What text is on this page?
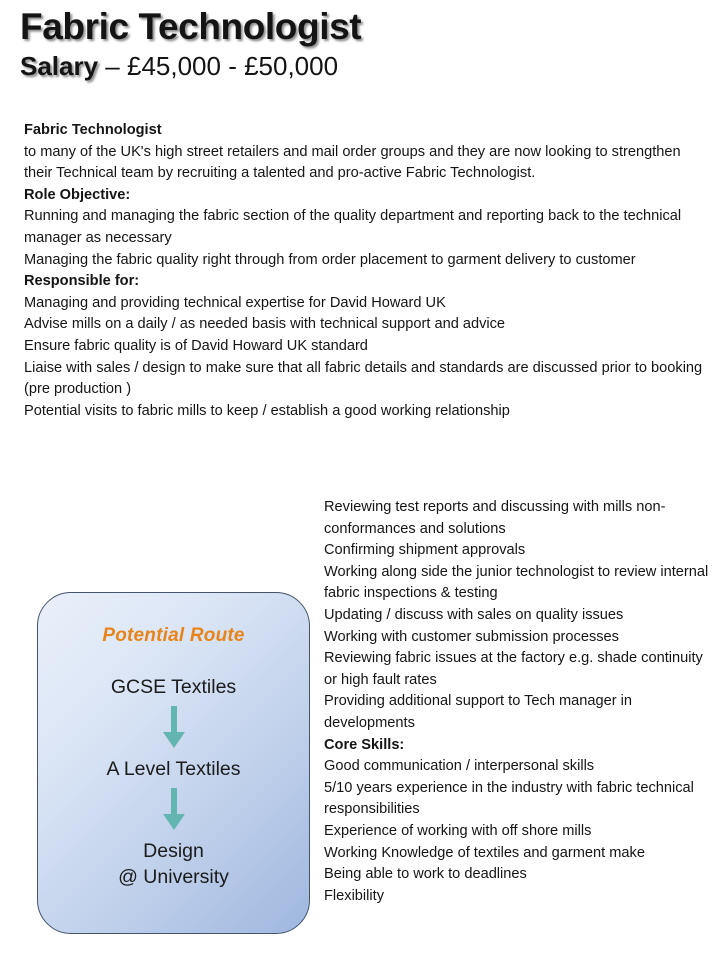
Fabric Technologist
Salary – £45,000 - £50,000
Fabric Technologist
to many of the UK's high street retailers and mail order groups and they are now looking to strengthen their Technical team by recruiting a talented and pro-active Fabric Technologist.
Role Objective:
Running and managing the fabric section of the quality department and reporting back to the technical manager as necessary
Managing the fabric quality right through from order placement to garment delivery to customer
Responsible for:
Managing and providing technical expertise for David Howard UK
Advise mills on a daily / as needed basis with technical support and advice
Ensure fabric quality is of David Howard UK standard
Liaise with sales / design to make sure that all fabric details and standards are discussed prior to booking (pre production )
Potential visits to fabric mills to keep / establish a good working relationship
Reviewing test reports and discussing with mills non- conformances and solutions
Confirming shipment approvals
Working along side the junior technologist to review internal fabric inspections & testing
Updating / discuss with sales on quality issues
Working with customer submission processes
Reviewing fabric issues at the factory e.g. shade continuity or high fault rates
Providing additional support to Tech manager in developments
Core Skills:
Good communication / interpersonal skills
5/10 years experience in the industry with fabric technical responsibilities
Experience of working with off shore mills
Working Knowledge of textiles and garment make
Being able to work to deadlines
Flexibility
Potential Route
GCSE Textiles
A Level Textiles
Design
@ University
